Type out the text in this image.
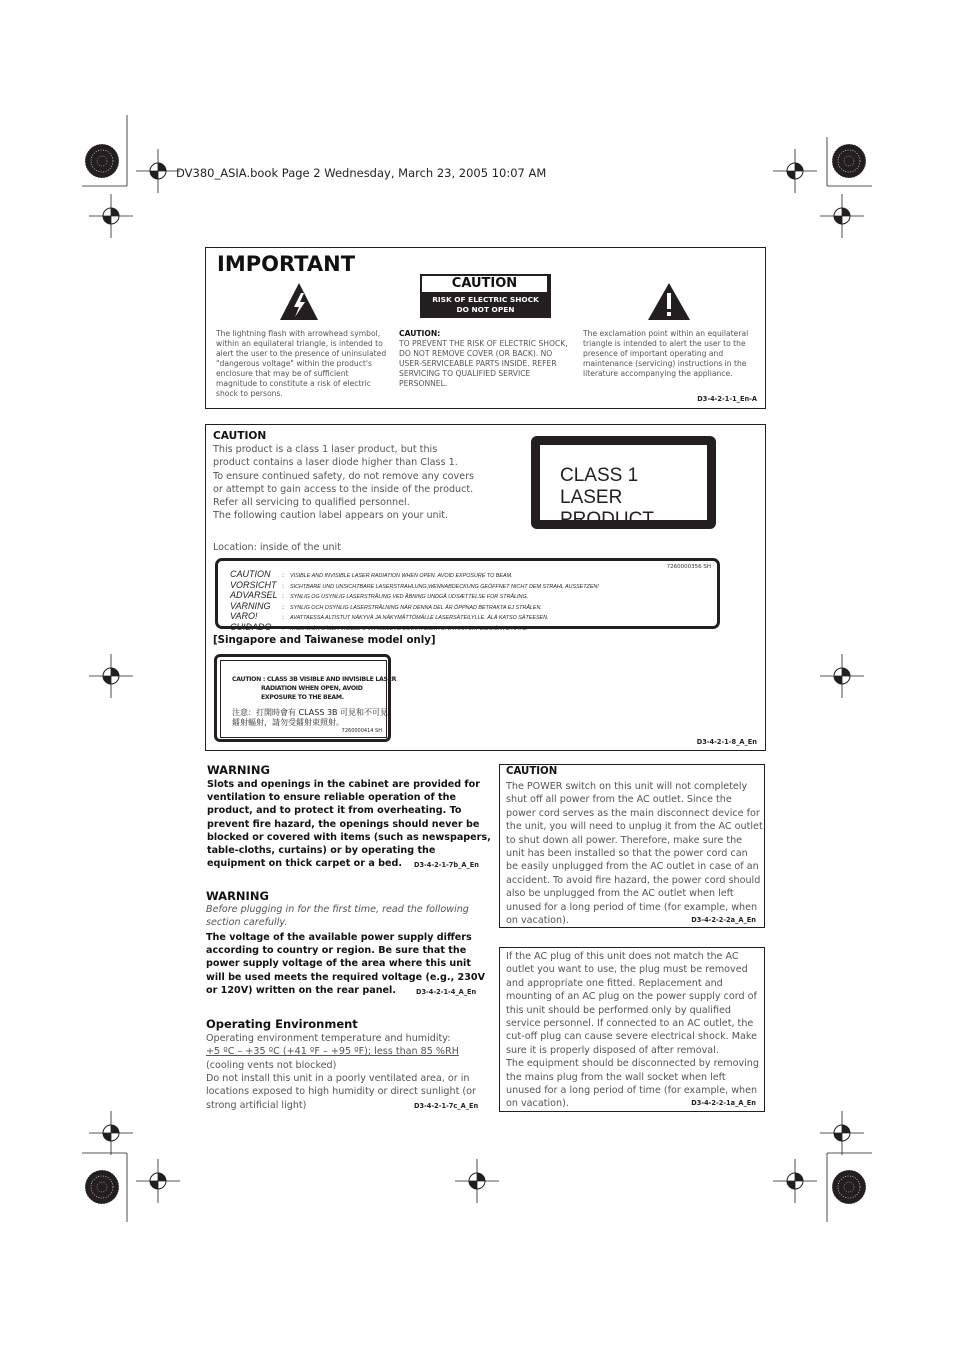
DV380_ASIA.book Page 2 Wednesday, March 23, 2005 10:07 AM
IMPORTANT
CAUTION
RISK OF ELECTRIC SHOCK
DO NOT OPEN
The lightning flash with arrowhead symbol, within an equilateral triangle, is intended to alert the user to the presence of uninsulated "dangerous voltage" within the product's enclosure that may be of sufficient magnitude to constitute a risk of electric shock to persons.
CAUTION:
TO PREVENT THE RISK OF ELECTRIC SHOCK, DO NOT REMOVE COVER (OR BACK). NO USER-SERVICEABLE PARTS INSIDE. REFER SERVICING TO QUALIFIED SERVICE PERSONNEL.
The exclamation point within an equilateral triangle is intended to alert the user to the presence of important operating and maintenance (servicing) instructions in the literature accompanying the appliance.
D3-4-2-1-1_En-A
CAUTION
This product is a class 1 laser product, but this
product contains a laser diode higher than Class 1.
To ensure continued safety, do not remove any covers
or attempt to gain access to the inside of the product.
Refer all servicing to qualified personnel.
The following caution label appears on your unit.
CLASS 1
LASER PRODUCT
Location: inside of the unit
7260000356 SH
CAUTION : VISIBLE AND INVISIBLE LASER RADIATION WHEN OPEN. AVOID EXPOSURE TO BEAM.
VORSICHT : SICHTBARE UND UNSICHTBARE LASERSTRAHLUNG,WENNABDECKUNG GEÖFFNET NICHT DEM STRAHL AUSSETZEN!
ADVARSEL : SYNLIG OG USYNLIG LASERSTRÅLING VED ÅBNING UNDGÅ UDSÆTTELSE FOR STRÅLING.
VARNING : SYNLIG OCH OSYNLIG LASERSTRÅLNING NÄR DENNA DEL ÄR ÖPPNAD BETRAKTA EJ STRÅLEN.
VARO!	: AVATTAESSA ALTISTUT NÄKYVÄ JA NÄKYMÄTTÖMÄLLE LASERSÄTEILYLLE. ÄLÄ KATSO SÄTEESEN.
CUIDADO : RADIACIÓN LÁSER VISIBLE E INVISIBLE AL ESTAR ABIERTO. EVITAR EXPOSICIÓN AL RAYO.
[Singapore and Taiwanese model only]
CAUTION : CLASS 3B VISIBLE AND INVISIBLE LASER
RADIATION WHEN OPEN, AVOID
EXPOSURE TO THE BEAM.
注意：打開時會有 CLASS 3B 可見和不可見
鐳射輻射，請勿受鐳射束照射。
7260000414 SH
D3-4-2-1-8_A_En
WARNING
Slots and openings in the cabinet are provided for
ventilation to ensure reliable operation of the
product, and to protect it from overheating. To
prevent fire hazard, the openings should never be
blocked or covered with items (such as newspapers,
table-cloths, curtains) or by operating the
equipment on thick carpet or a bed. D3-4-2-1-7b_A_En
WARNING
Before plugging in for the first time, read the following
section carefully.
The voltage of the available power supply differs
according to country or region. Be sure that the
power supply voltage of the area where this unit
will be used meets the required voltage (e.g., 230V
or 120V) written on the rear panel.	D3-4-2-1-4_A_En
Operating Environment
Operating environment temperature and humidity:
+5 ºC – +35 ºC (+41 ºF – +95 ºF); less than 85 %RH
(cooling vents not blocked)
Do not install this unit in a poorly ventilated area, or in
locations exposed to high humidity or direct sunlight (or
strong artificial light)	D3-4-2-1-7c_A_En
CAUTION
The POWER switch on this unit will not completely
shut off all power from the AC outlet. Since the
power cord serves as the main disconnect device for
the unit, you will need to unplug it from the AC outlet
to shut down all power. Therefore, make sure the
unit has been installed so that the power cord can
be easily unplugged from the AC outlet in case of an
accident. To avoid fire hazard, the power cord should
also be unplugged from the AC outlet when left
unused for a long period of time (for example, when
on vacation).	D3-4-2-2-2a_A_En
If the AC plug of this unit does not match the AC
outlet you want to use, the plug must be removed
and appropriate one fitted. Replacement and
mounting of an AC plug on the power supply cord of
this unit should be performed only by qualified
service personnel. If connected to an AC outlet, the
cut-off plug can cause severe electrical shock. Make
sure it is properly disposed of after removal.
The equipment should be disconnected by removing
the mains plug from the wall socket when left
unused for a long period of time (for example, when
on vacation).	D3-4-2-2-1a_A_En
